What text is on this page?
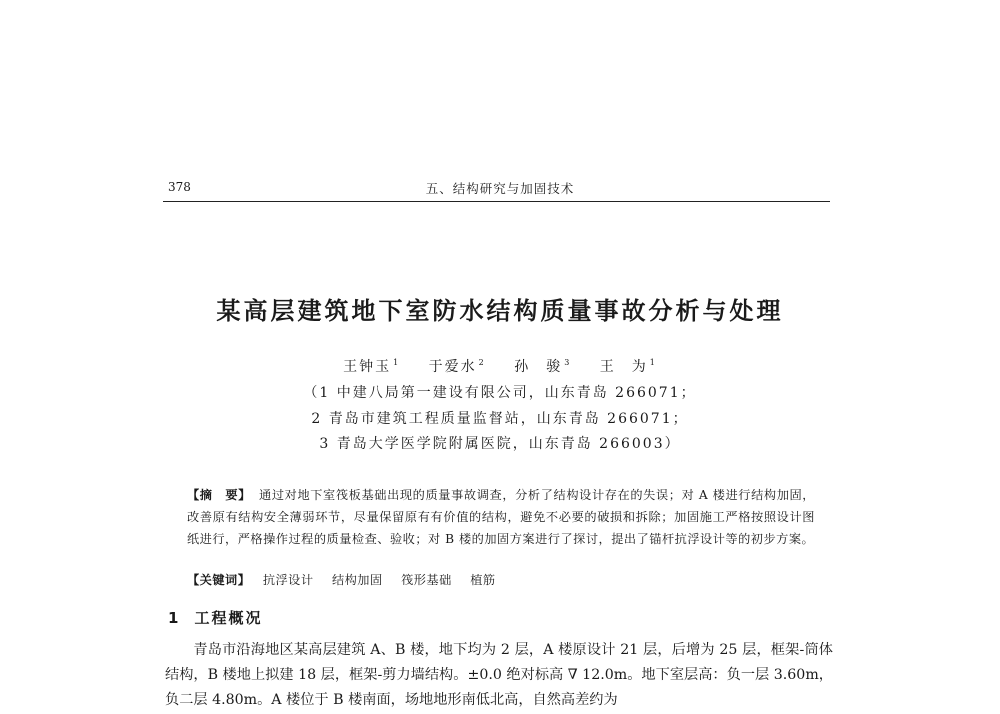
378	五、结构研究与加固技术
某高层建筑地下室防水结构质量事故分析与处理
王钟玉 $^1$ 于爱水 $^2$ 孙　骏 $^3$ 王　为 $^1$
（1 中建八局第一建设有限公司，山东青岛 266071；
2 青岛市建筑工程质量监督站，山东青岛 266071；
3 青岛大学医学院附属医院，山东青岛 266003）
【摘　要】 通过对地下室筏板基础出现的质量事故调查，分析了结构设计存在的失误；对 A 楼进行结构加固，改善原有结构安全薄弱环节，尽量保留原有有价值的结构，避免不必要的破损和拆除；加固施工严格按照设计图纸进行，严格操作过程的质量检查、验收；对 B 楼的加固方案进行了探讨，提出了锚杆抗浮设计等的初步方案。
【关键词】 抗浮设计 结构加固 筏形基础 植筋
1 工程概况
青岛市沿海地区某高层建筑 A、B 楼，地下均为 2 层，A 楼原设计 21 层，后增为 25 层，框架-筒体结构，B 楼地上拟建 18 层，框架-剪力墙结构。±0.0 绝对标高 ∇ 12.0m。地下室层高：负一层 3.60m，负二层 4.80m。A 楼位于 B 楼南面，场地地形南低北高，自然高差约为
